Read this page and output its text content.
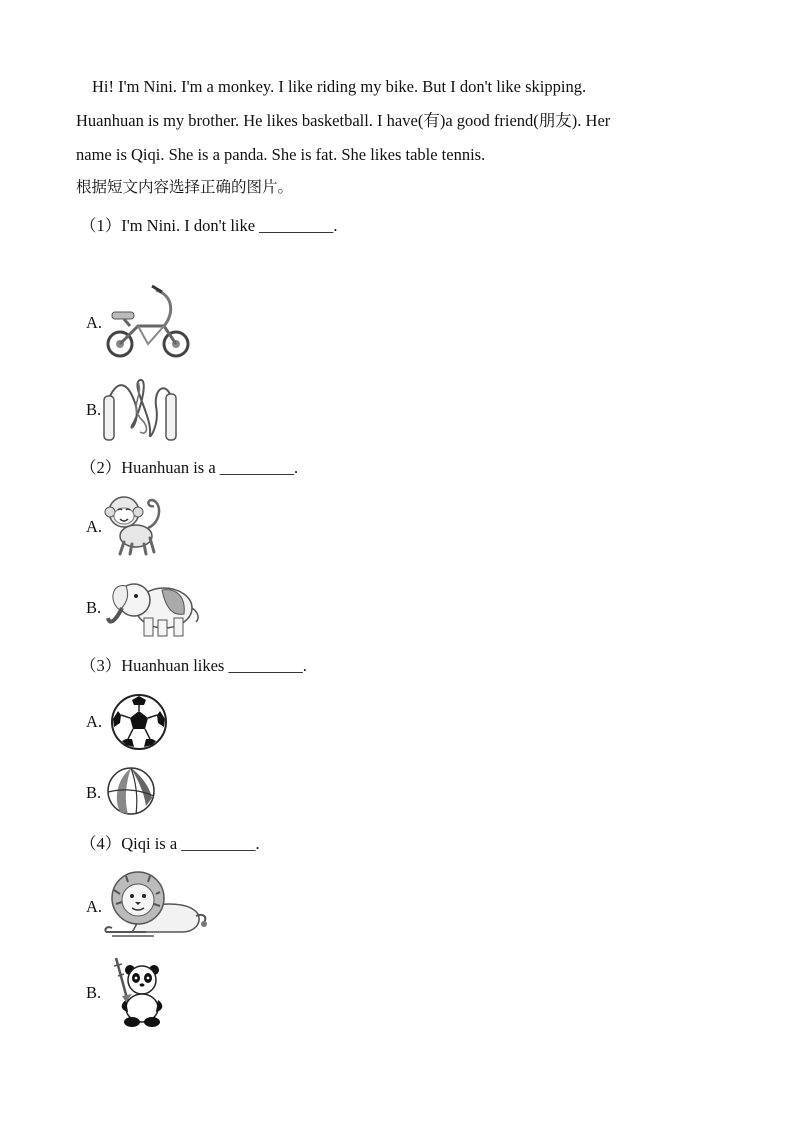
Hi! I'm Nini. I'm a monkey. I like riding my bike. But I don't like skipping.
Huanhuan is my brother. He likes basketball. I have(有)a good friend(朋友). Her
name is Qiqi. She is a panda. She is fat. She likes table tennis.
根据短文内容选择正确的图片。
（1）I'm Nini. I don't like _________.
A.
B.
（2）Huanhuan is a _________.
A.
B.
（3）Huanhuan likes _________.
A.
B.
（4）Qiqi is a _________.
A.
B.
